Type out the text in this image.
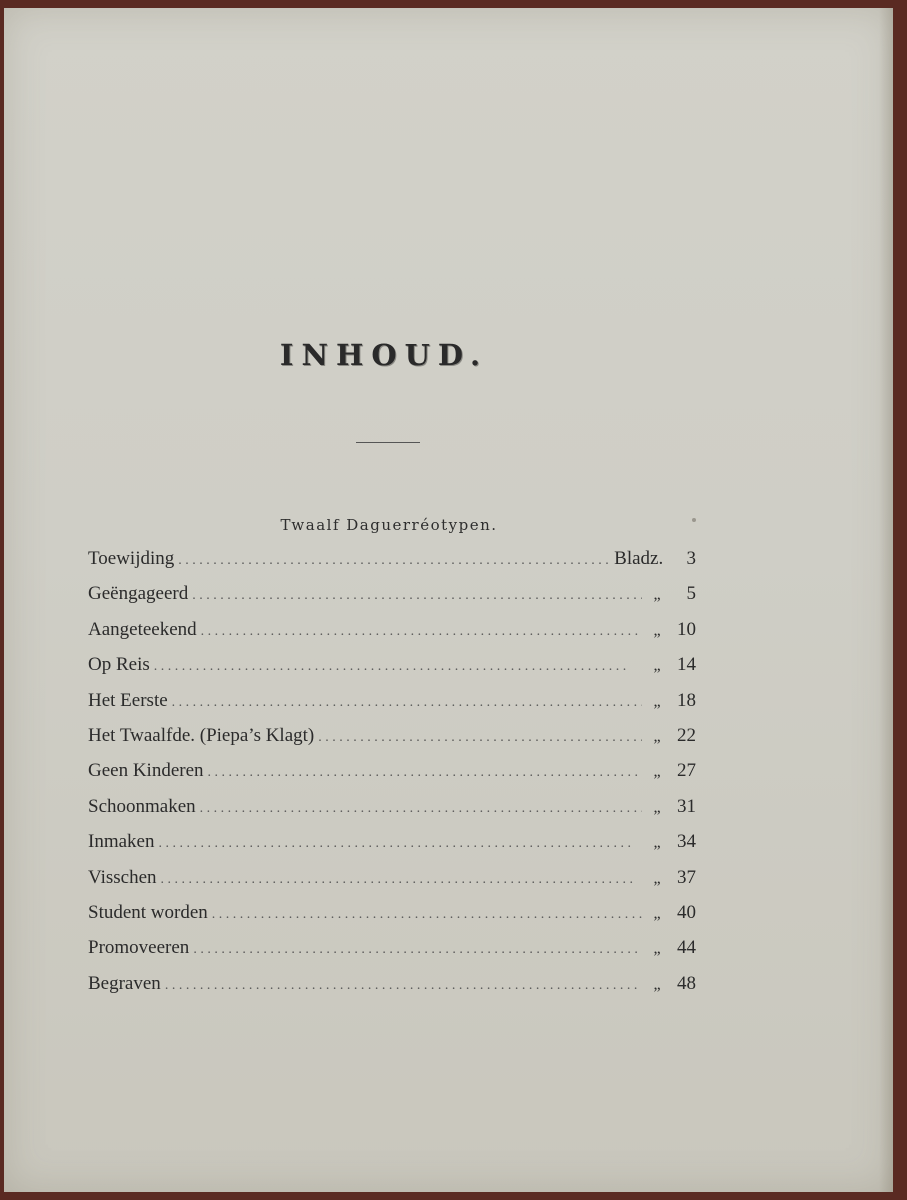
INHOUD.
Twaalf Daguerréotypen.
Toewijding . . .	Bladz. 3
Geëngageerd . . .	„ 5
Aangeteekend . . .	„ 10
Op Reis . . .	„ 14
Het Eerste . . .	„ 18
Het Twaalfde. (Piepa’s Klagt) . . .	„ 22
Geen Kinderen . . .	„ 27
Schoonmaken . . .	„ 31
Inmaken . . .	„ 34
Visschen . . .	„ 37
Student worden . . .	„ 40
Promoveeren . . .	„ 44
Begraven . . .	„ 48
